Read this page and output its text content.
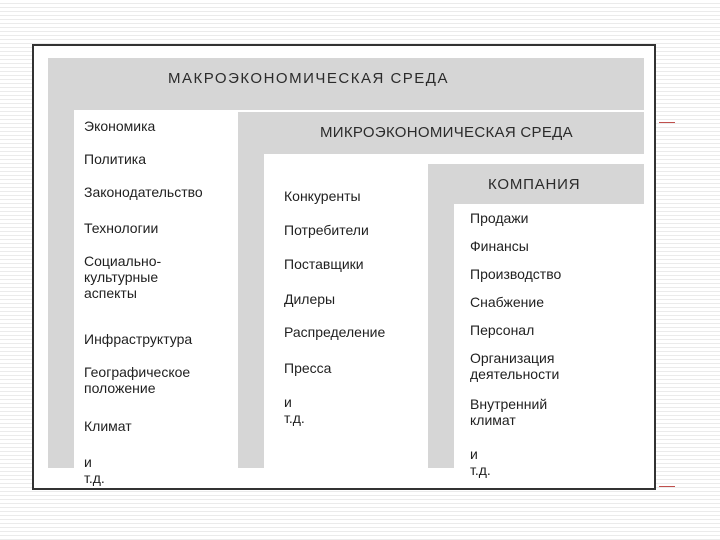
МАКРОЭКОНОМИЧЕСКАЯ СРЕДА
Экономика
Политика
Законодательство
Технологии
Социально-
культурные
аспекты
Инфраструктура
Географическое
положение
Климат
и т.д.
МИКРОЭКОНОМИЧЕСКАЯ СРЕДА
Конкуренты
Потребители
Поставщики
Дилеры
Распределение
Пресса
и т.д.
КОМПАНИЯ
Продажи
Финансы
Производство
Снабжение
Персонал
Организация
деятельности
Внутренний
климат
и т.д.
